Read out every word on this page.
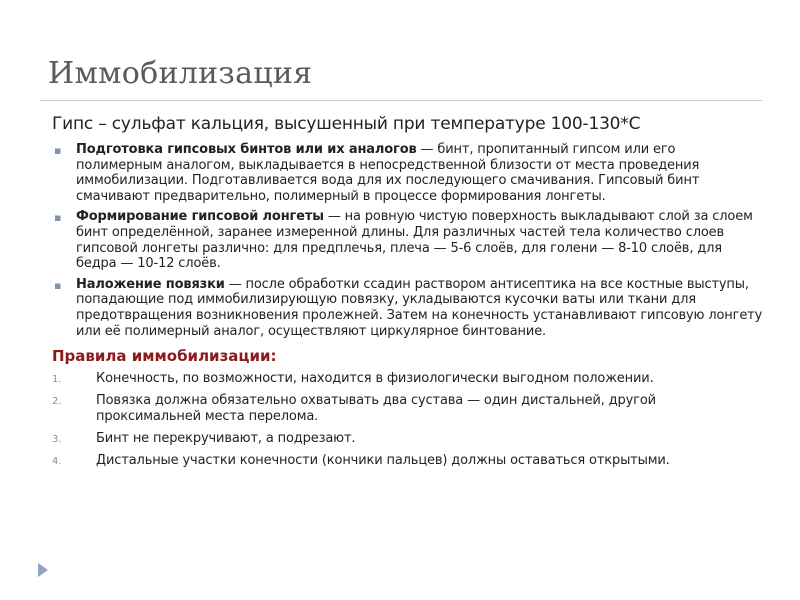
Иммобилизация

Гипс – сульфат кальция, высушенный при температуре 100-130*С

▪ Подготовка гипсовых бинтов или их аналогов — бинт, пропитанный гипсом или его полимерным аналогом, выкладывается в непосредственной близости от места проведения иммобилизации. Подготавливается вода для их последующего смачивания. Гипсовый бинт смачивают предварительно, полимерный в процессе формирования лонгеты.
▪ Формирование гипсовой лонгеты — на ровную чистую поверхность выкладывают слой за слоем бинт определённой, заранее измеренной длины. Для различных частей тела количество слоев гипсовой лонгеты различно: для предплечья, плеча — 5-6 слоёв, для голени — 8-10 слоёв, для бедра — 10-12 слоёв.
▪ Наложение повязки — после обработки ссадин раствором антисептика на все костные выступы, попадающие под иммобилизирующую повязку, укладываются кусочки ваты или ткани для предотвращения возникновения пролежней. Затем на конечность устанавливают гипсовую лонгету или её полимерный аналог, осуществляют циркулярное бинтование.

Правила иммобилизации:

1.	Конечность, по возможности, находится в физиологически выгодном положении.
2.	Повязка должна обязательно охватывать два сустава — один дистальней, другой проксимальней места перелома.
3.	Бинт не перекручивают, а подрезают.
4.	Дистальные участки конечности (кончики пальцев) должны оставаться открытыми.
